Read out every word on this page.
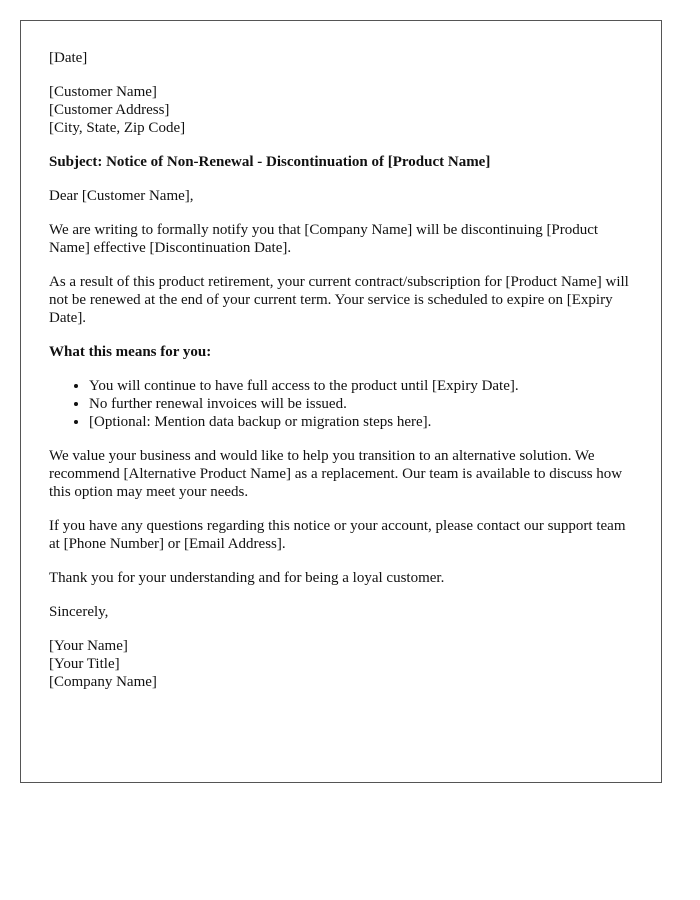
[Date]

[Customer Name]
[Customer Address]
[City, State, Zip Code]

Subject: Notice of Non-Renewal - Discontinuation of [Product Name]

Dear [Customer Name],

We are writing to formally notify you that [Company Name] will be discontinuing [Product Name] effective [Discontinuation Date].

As a result of this product retirement, your current contract/subscription for [Product Name] will not be renewed at the end of your current term. Your service is scheduled to expire on [Expiry Date].

What this means for you:

• You will continue to have full access to the product until [Expiry Date].
• No further renewal invoices will be issued.
• [Optional: Mention data backup or migration steps here].

We value your business and would like to help you transition to an alternative solution. We recommend [Alternative Product Name] as a replacement. Our team is available to discuss how this option may meet your needs.

If you have any questions regarding this notice or your account, please contact our support team at [Phone Number] or [Email Address].

Thank you for your understanding and for being a loyal customer.

Sincerely,

[Your Name]
[Your Title]
[Company Name]
